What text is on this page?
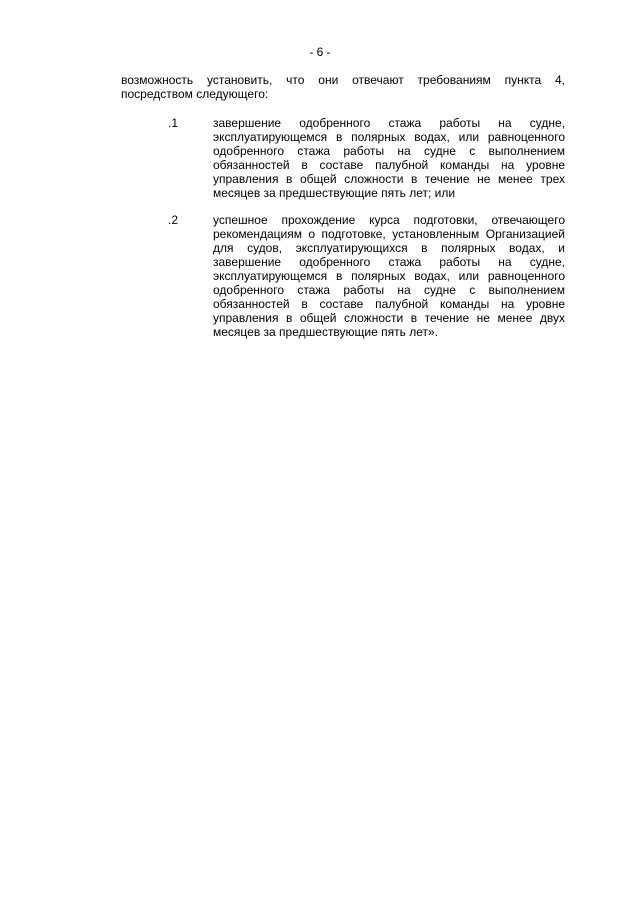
- 6 -

возможность установить, что они отвечают требованиям пункта 4, посредством следующего:

.1	завершение одобренного стажа работы на судне, эксплуатирующемся в полярных водах, или равноценного одобренного стажа работы на судне с выполнением обязанностей в составе палубной команды на уровне управления в общей сложности в течение не менее трех месяцев за предшествующие пять лет; или

.2	успешное прохождение курса подготовки, отвечающего рекомендациям о подготовке, установленным Организацией для судов, эксплуатирующихся в полярных водах, и завершение одобренного стажа работы на судне, эксплуатирующемся в полярных водах, или равноценного одобренного стажа работы на судне с выполнением обязанностей в составе палубной команды на уровне управления в общей сложности в течение не менее двух месяцев за предшествующие пять лет».
